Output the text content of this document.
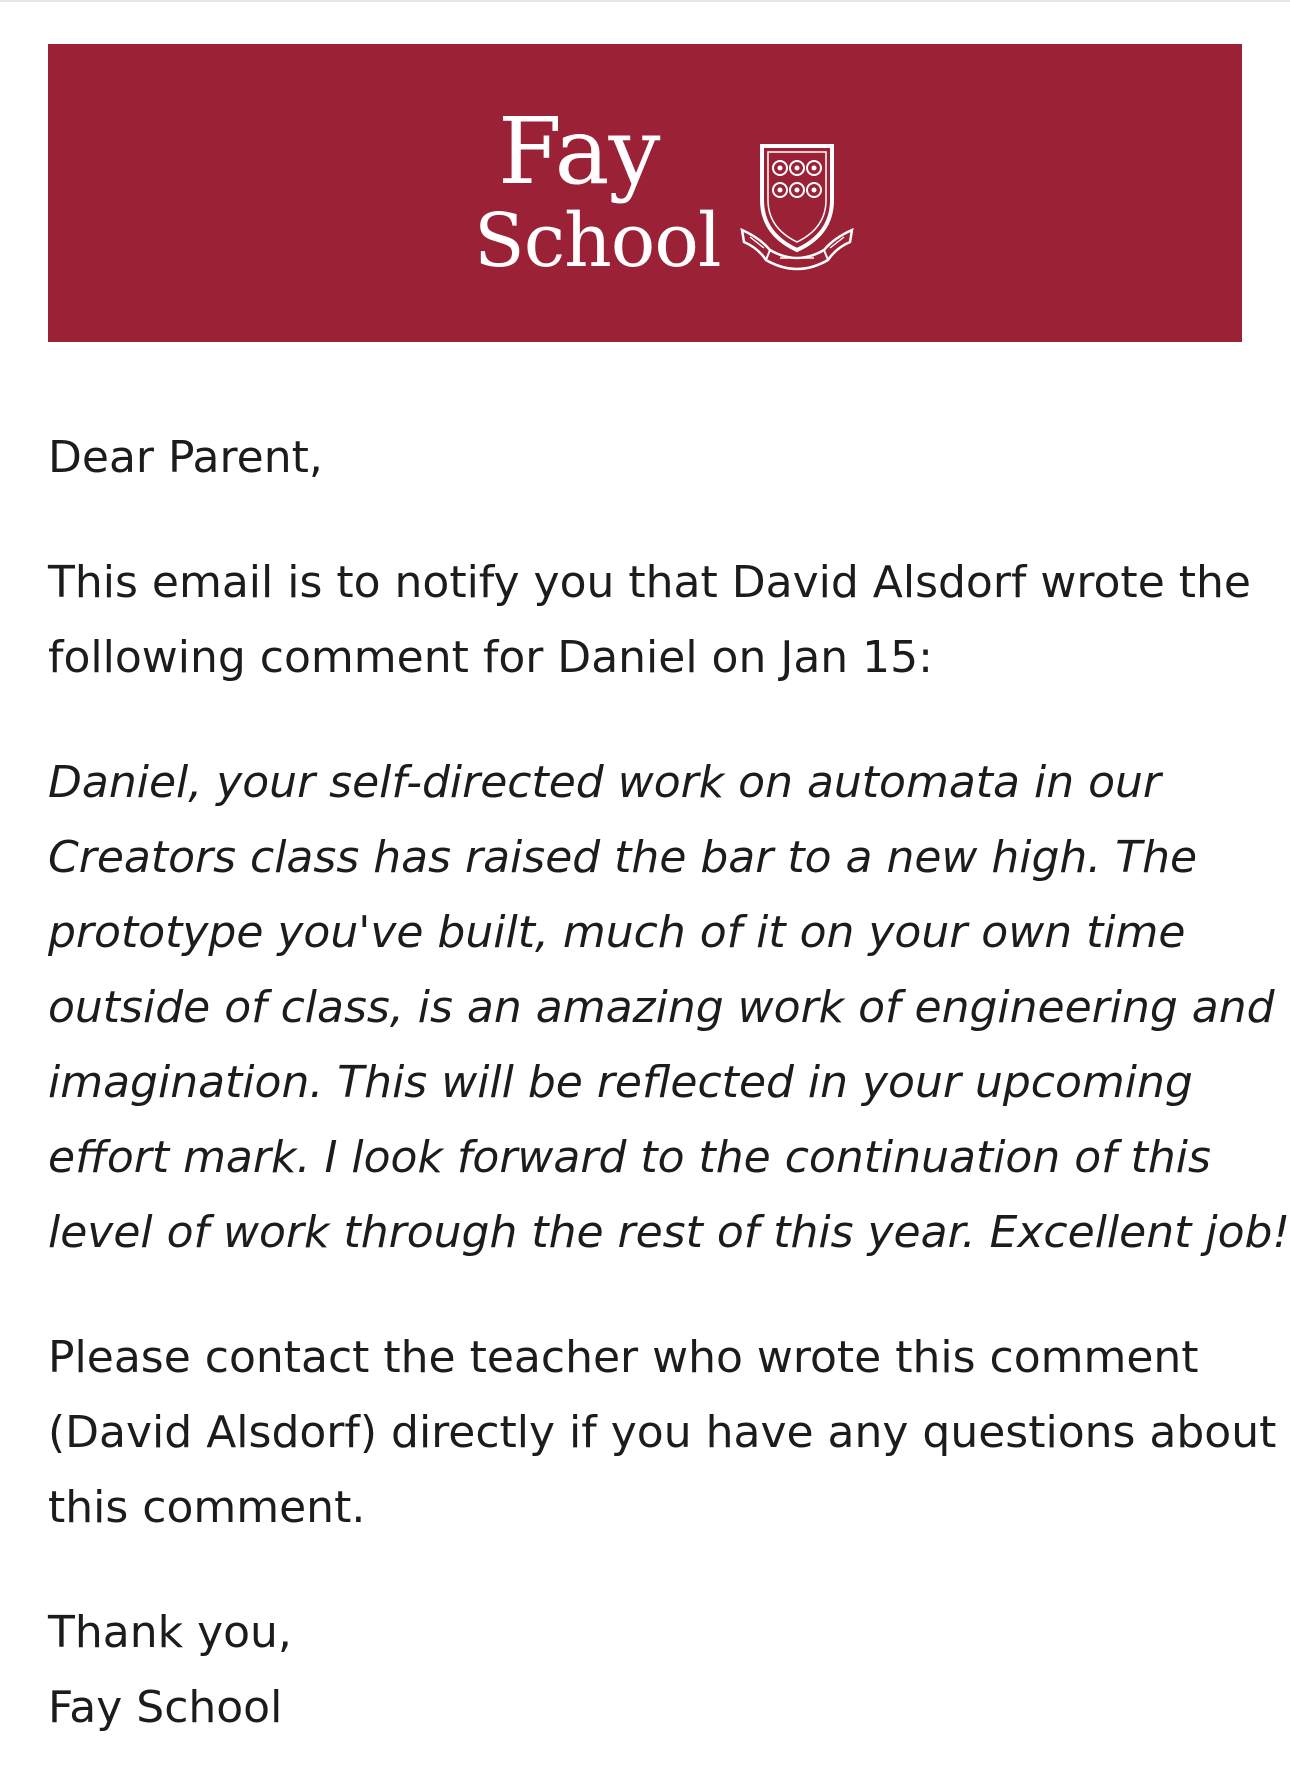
Fay
School

Dear Parent,

This email is to notify you that David Alsdorf wrote the

following comment for Daniel on Jan 15:

Daniel, your self-directed work on automata in our

Creators class has raised the bar to a new high. The

prototype you've built, much of it on your own time

outside of class, is an amazing work of engineering and

imagination. This will be reflected in your upcoming

effort mark. I look forward to the continuation of this

level of work through the rest of this year. Excellent job!

Please contact the teacher who wrote this comment

(David Alsdorf) directly if you have any questions about

this comment.

Thank you,

Fay School
